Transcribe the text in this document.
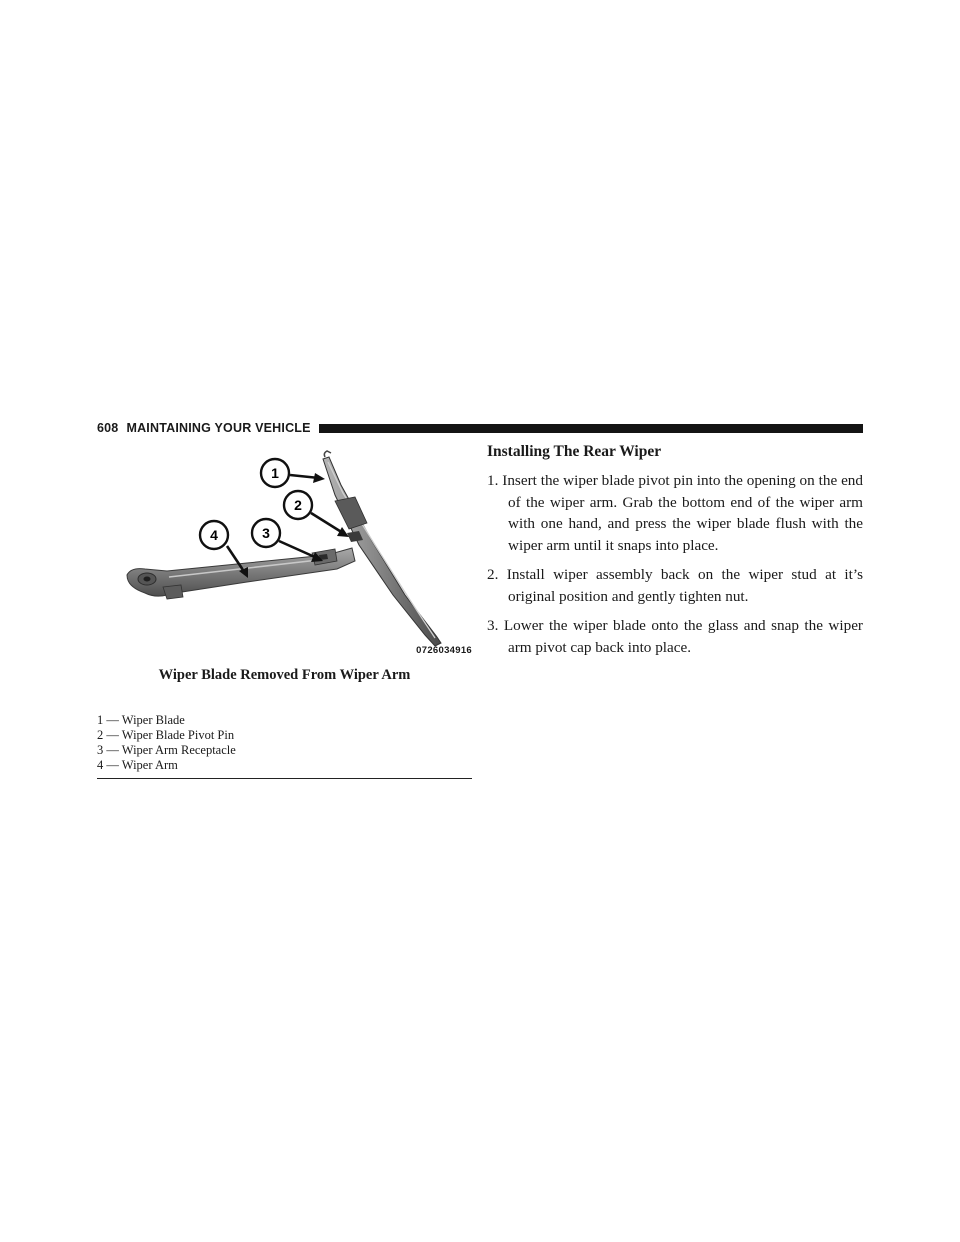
608 MAINTAINING YOUR VEHICLE
1
2
3
4
0726034916
Wiper Blade Removed From Wiper Arm
1 — Wiper Blade
2 — Wiper Blade Pivot Pin
3 — Wiper Arm Receptacle
4 — Wiper Arm
Installing The Rear Wiper

1. Insert the wiper blade pivot pin into the opening on the end of the wiper arm. Grab the bottom end of the wiper arm with one hand, and press the wiper blade flush with the wiper arm until it snaps into place.

2. Install wiper assembly back on the wiper stud at it’s original position and gently tighten nut.

3. Lower the wiper blade onto the glass and snap the wiper arm pivot cap back into place.
